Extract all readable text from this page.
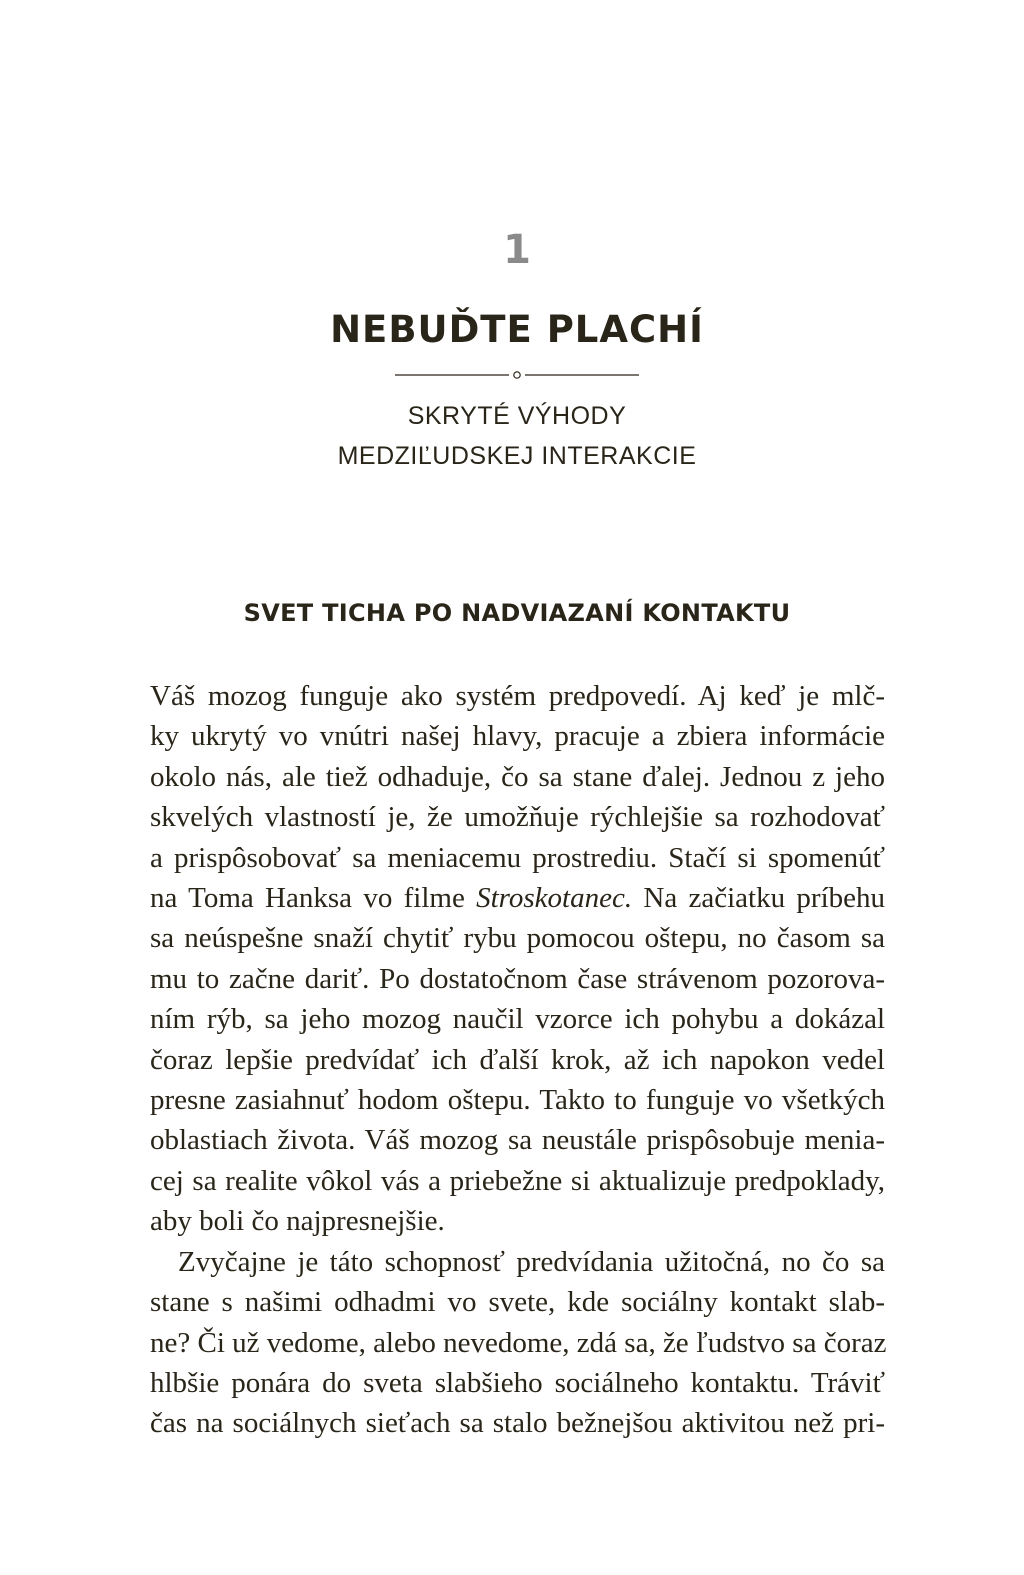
1
NEBUĎTE PLACHÍ
SKRYTÉ VÝHODY
MEDZIĽUDSKEJ INTERAKCIE
SVET TICHA PO NADVIAZANÍ KONTAKTU
Váš mozog funguje ako systém predpovedí. Aj keď je mlč-
ky ukrytý vo vnútri našej hlavy, pracuje a zbiera informácie
okolo nás, ale tiež odhaduje, čo sa stane ďalej. Jednou z jeho
skvelých vlastností je, že umožňuje rýchlejšie sa rozhodovať
a prispôsobovať sa meniacemu prostrediu. Stačí si spomenúť
na Toma Hanksa vo filme Stroskotanec. Na začiatku príbehu
sa neúspešne snaží chytiť rybu pomocou oštepu, no časom sa
mu to začne dariť. Po dostatočnom čase strávenom pozorova-
ním rýb, sa jeho mozog naučil vzorce ich pohybu a dokázal
čoraz lepšie predvídať ich ďalší krok, až ich napokon vedel
presne zasiahnuť hodom oštepu. Takto to funguje vo všetkých
oblastiach života. Váš mozog sa neustále prispôsobuje menia-
cej sa realite vôkol vás a priebežne si aktualizuje predpoklady,
aby boli čo najpresnejšie.
Zvyčajne je táto schopnosť predvídania užitočná, no čo sa
stane s našimi odhadmi vo svete, kde sociálny kontakt slab-
ne? Či už vedome, alebo nevedome, zdá sa, že ľudstvo sa čoraz
hlbšie ponára do sveta slabšieho sociálneho kontaktu. Tráviť
čas na sociálnych sieťach sa stalo bežnejšou aktivitou než pri-
